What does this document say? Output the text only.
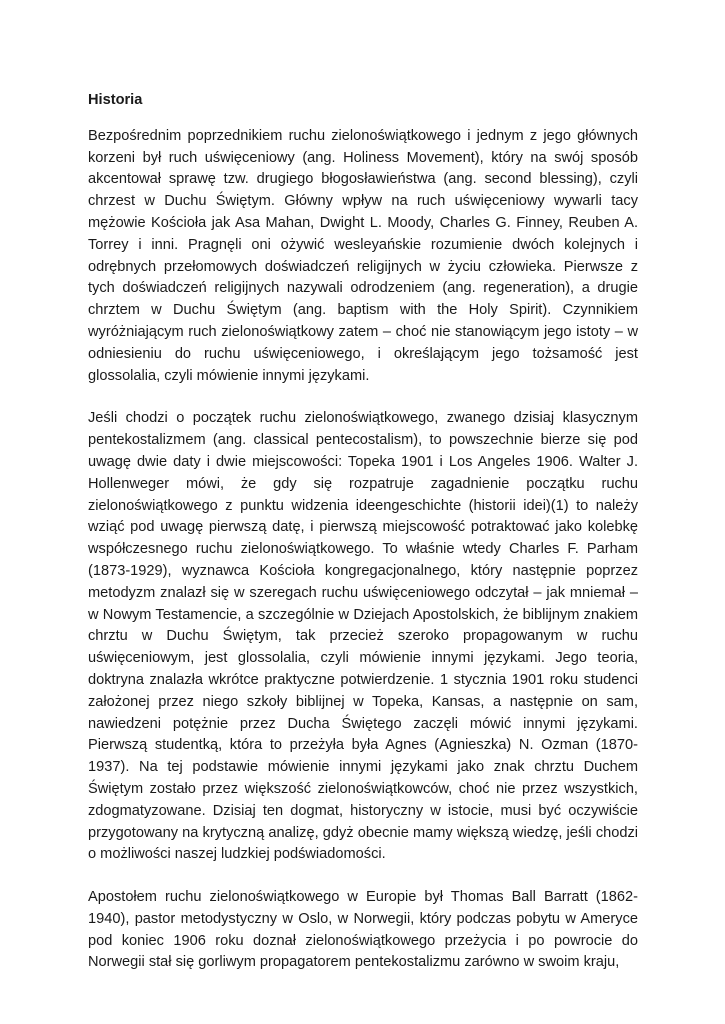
Historia

Bezpośrednim poprzednikiem ruchu zielonoświątkowego i jednym z jego głównych korzeni był ruch uświęceniowy (ang. Holiness Movement), który na swój sposób akcentował sprawę tzw. drugiego błogosławieństwa (ang. second blessing), czyli chrzest w Duchu Świętym. Główny wpływ na ruch uświęceniowy wywarli tacy mężowie Kościoła jak Asa Mahan, Dwight L. Moody, Charles G. Finney, Reuben A. Torrey i inni. Pragnęli oni ożywić wesleyańskie rozumienie dwóch kolejnych i odrębnych przełomowych doświadczeń religijnych w życiu człowieka. Pierwsze z tych doświadczeń religijnych nazywali odrodzeniem (ang. regeneration), a drugie chrztem w Duchu Świętym (ang. baptism with the Holy Spirit). Czynnikiem wyróżniającym ruch zielonoświątkowy zatem – choć nie stanowiącym jego istoty – w odniesieniu do ruchu uświęceniowego, i określającym jego tożsamość jest glossolalia, czyli mówienie innymi językami.

Jeśli chodzi o początek ruchu zielonoświątkowego, zwanego dzisiaj klasycznym pentekostalizmem (ang. classical pentecostalism), to powszechnie bierze się pod uwagę dwie daty i dwie miejscowości: Topeka 1901 i Los Angeles 1906. Walter J. Hollenweger mówi, że gdy się rozpatruje zagadnienie początku ruchu zielonoświątkowego z punktu widzenia ideengeschichte (historii idei)(1) to należy wziąć pod uwagę pierwszą datę, i pierwszą miejscowość potraktować jako kolebkę współczesnego ruchu zielonoświątkowego. To właśnie wtedy Charles F. Parham (1873-1929), wyznawca Kościoła kongregacjonalnego, który następnie poprzez metodyzm znalazł się w szeregach ruchu uświęceniowego odczytał – jak mniemał – w Nowym Testamencie, a szczególnie w Dziejach Apostolskich, że biblijnym znakiem chrztu w Duchu Świętym, tak przecież szeroko propagowanym w ruchu uświęceniowym, jest glossolalia, czyli mówienie innymi językami. Jego teoria, doktryna znalazła wkrótce praktyczne potwierdzenie. 1 stycznia 1901 roku studenci założonej przez niego szkoły biblijnej w Topeka, Kansas, a następnie on sam, nawiedzeni potężnie przez Ducha Świętego zaczęli mówić innymi językami. Pierwszą studentką, która to przeżyła była Agnes (Agnieszka) N. Ozman (1870-1937). Na tej podstawie mówienie innymi językami jako znak chrztu Duchem Świętym zostało przez większość zielonoświątkowców, choć nie przez wszystkich, zdogmatyzowane. Dzisiaj ten dogmat, historyczny w istocie, musi być oczywiście przygotowany na krytyczną analizę, gdyż obecnie mamy większą wiedzę, jeśli chodzi o możliwości naszej ludzkiej podświadomości.

Apostołem ruchu zielonoświątkowego w Europie był Thomas Ball Barratt (1862-1940), pastor metodystyczny w Oslo, w Norwegii, który podczas pobytu w Ameryce pod koniec 1906 roku doznał zielonoświątkowego przeżycia i po powrocie do Norwegii stał się gorliwym propagatorem pentekostalizmu zarówno w swoim kraju,
